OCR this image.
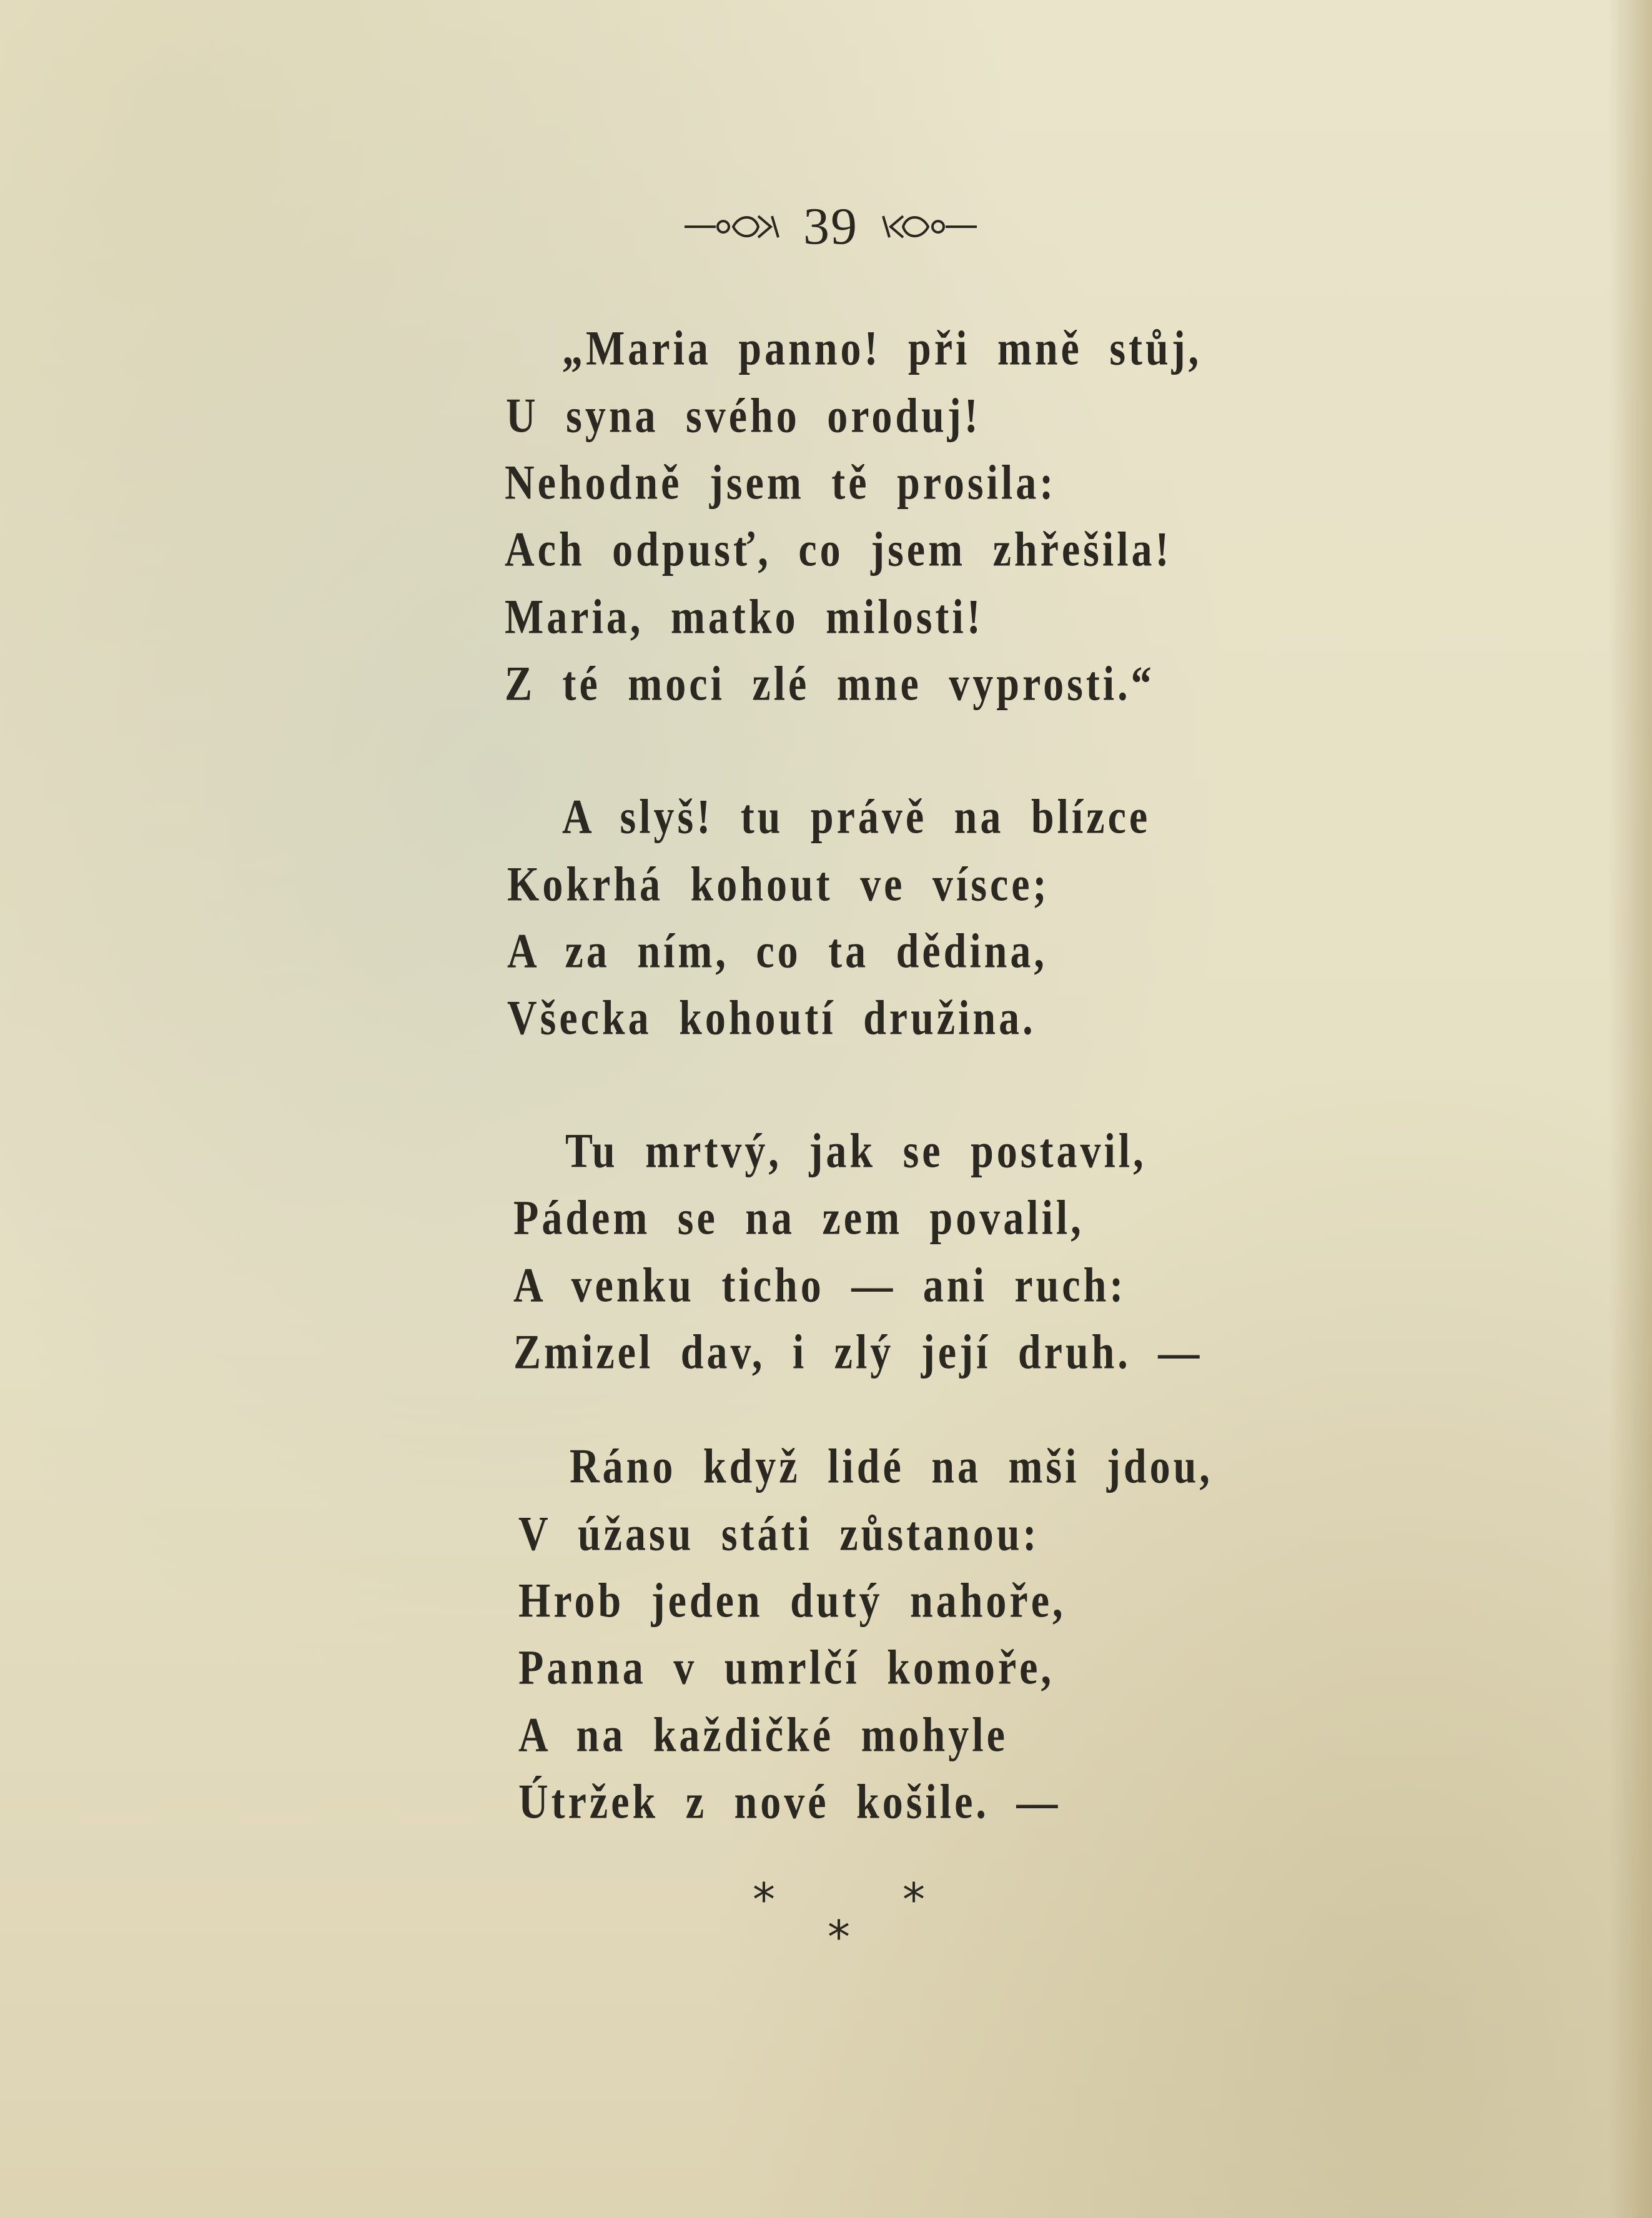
39
„Maria panno! při mně stůj,
U syna svého oroduj!
Nehodně jsem tě prosila:
Ach odpusť, co jsem zhřešila!
Maria, matko milosti!
Z té moci zlé mne vyprosti.“
A slyš! tu právě na blízce
Kokrhá kohout ve vísce;
A za ním, co ta dědina,
Všecka kohoutí družina.
Tu mrtvý, jak se postavil,
Pádem se na zem povalil,
A venku ticho — ani ruch:
Zmizel dav, i zlý její druh. —
Ráno když lidé na mši jdou,
V úžasu státi zůstanou:
Hrob jeden dutý nahoře,
Panna v umrlčí komoře,
A na každičké mohyle
Útržek z nové košile. —
*	*
*
